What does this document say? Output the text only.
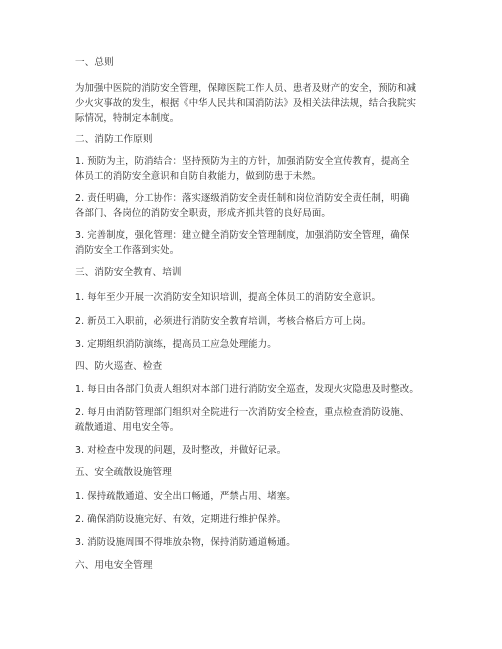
一、总则
为加强中医院的消防安全管理，保障医院工作人员、患者及财产的安全，预防和减
少火灾事故的发生，根据《中华人民共和国消防法》及相关法律法规，结合我院实
际情况，特制定本制度。
二、消防工作原则
1. 预防为主，防消结合：坚持预防为主的方针，加强消防安全宣传教育，提高全
体员工的消防安全意识和自防自救能力，做到防患于未然。
2. 责任明确，分工协作：落实逐级消防安全责任制和岗位消防安全责任制，明确
各部门、各岗位的消防安全职责，形成齐抓共管的良好局面。
3. 完善制度，强化管理：建立健全消防安全管理制度，加强消防安全管理，确保
消防安全工作落到实处。
三、消防安全教育、培训
1. 每年至少开展一次消防安全知识培训，提高全体员工的消防安全意识。
2. 新员工入职前，必须进行消防安全教育培训，考核合格后方可上岗。
3. 定期组织消防演练，提高员工应急处理能力。
四、防火巡查、检查
1. 每日由各部门负责人组织对本部门进行消防安全巡查，发现火灾隐患及时整改。
2. 每月由消防管理部门组织对全院进行一次消防安全检查，重点检查消防设施、
疏散通道、用电安全等。
3. 对检查中发现的问题，及时整改，并做好记录。
五、安全疏散设施管理
1. 保持疏散通道、安全出口畅通，严禁占用、堵塞。
2. 确保消防设施完好、有效，定期进行维护保养。
3. 消防设施周围不得堆放杂物，保持消防通道畅通。
六、用电安全管理
